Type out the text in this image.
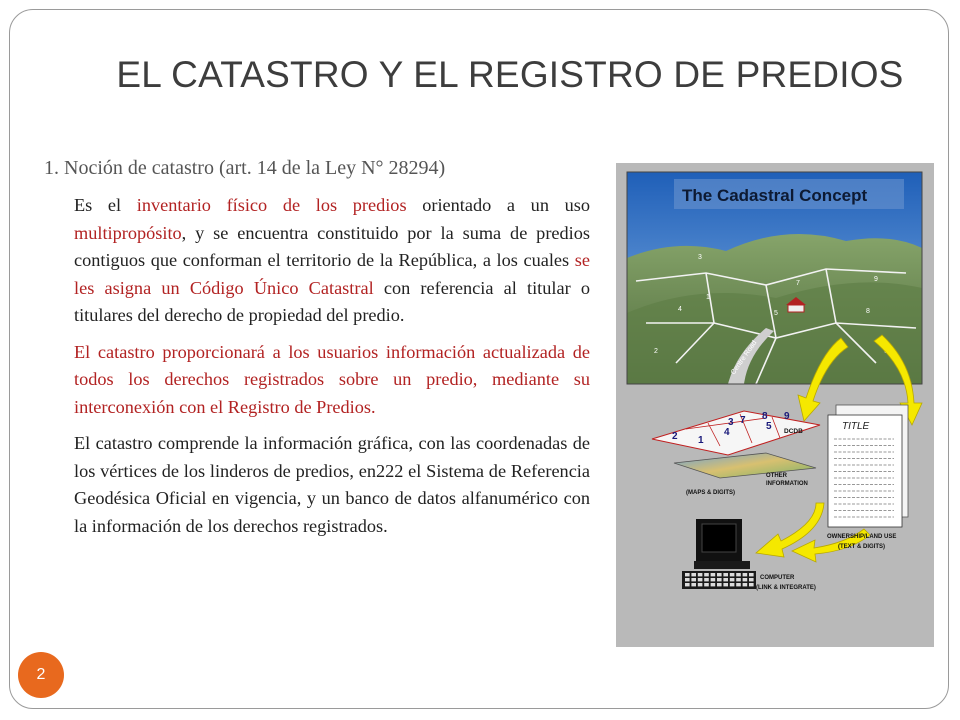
EL CATASTRO Y EL REGISTRO DE PREDIOS
1. Noción de catastro (art. 14 de la Ley N° 28294)

Es el inventario físico de los predios orientado a un uso multipropósito, y se encuentra constituido por la suma de predios contiguos que conforman el territorio de la República, a los cuales se les asigna un Código Único Catastral con referencia al titular o titulares del derecho de propiedad del predio.

El catastro proporcionará a los usuarios información actualizada de todos los derechos registrados sobre un predio, mediante su interconexión con el Registro de Predios.

El catastro comprende la información gráfica, con las coordenadas de los vértices de los linderos de predios, en222 el Sistema de Referencia Geodésica Oficial en vigencia, y un banco de datos alfanumérico con la información de los derechos registrados.

2
Centre Road
The Cadastral Concept
1
2
3
4
5
7
8
9
1
2
3
4
5
7 8 9
DCDB
OTHER INFORMATION
(MAPS & DIGITS)
TITLE
OWNERSHIP/LAND USE
(TEXT & DIGITS)
COMPUTER
(LINK & INTEGRATE)
